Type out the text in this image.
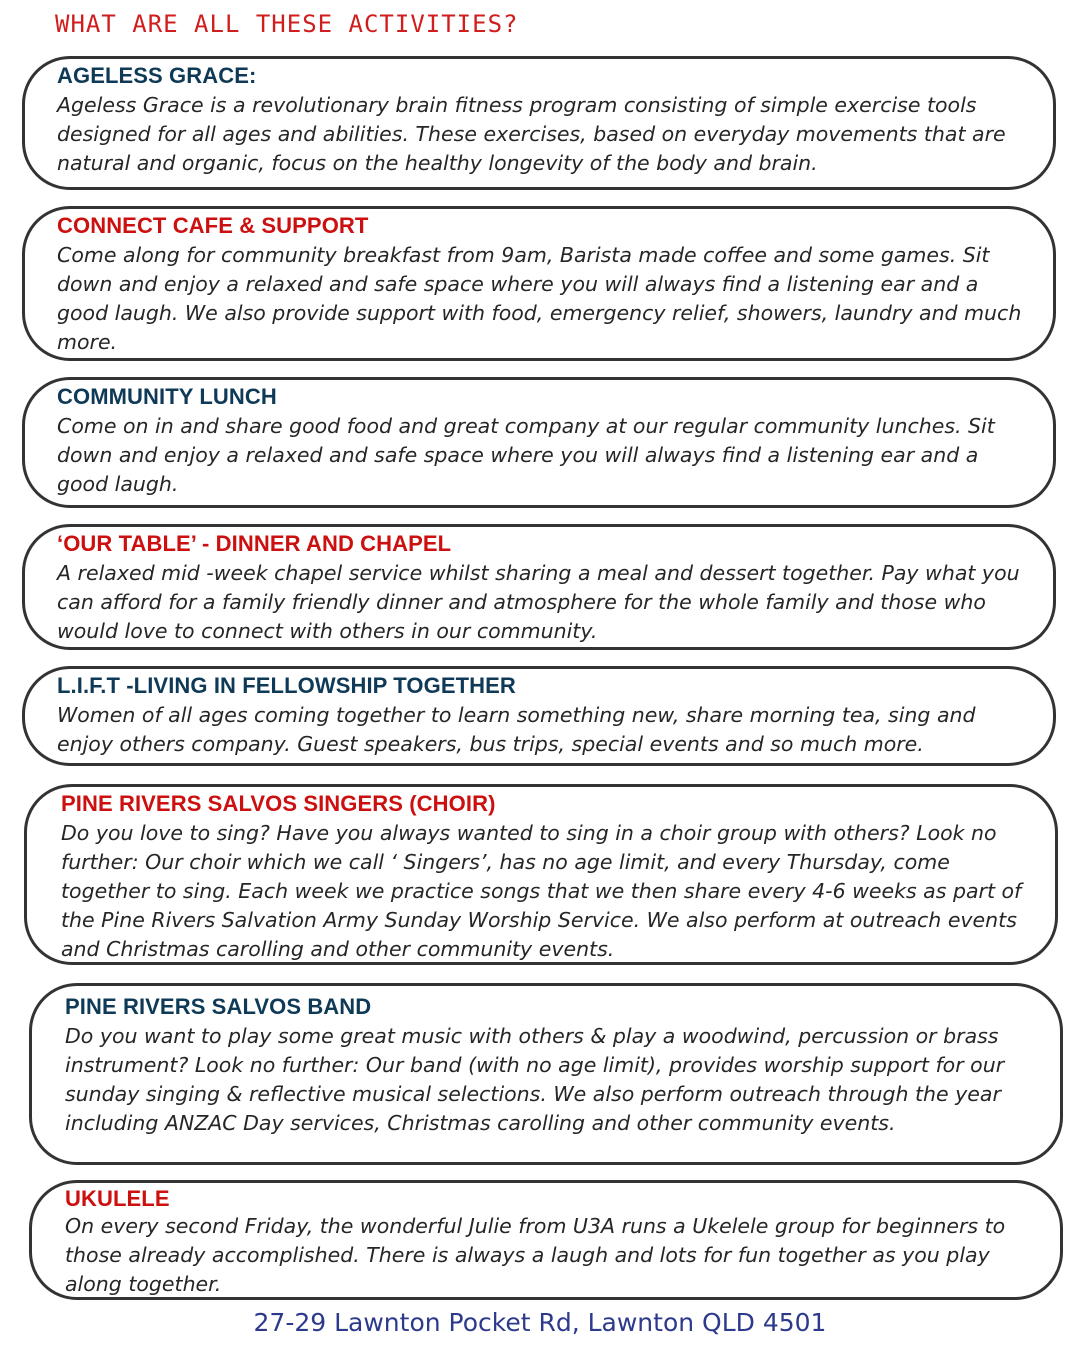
WHAT ARE ALL THESE ACTIVITIES?
AGELESS GRACE:

Ageless Grace is a revolutionary brain fitness program consisting of simple exercise tools designed for all ages and abilities. These exercises, based on everyday movements that are natural and organic, focus on the healthy longevity of the body and brain.

CONNECT CAFE & SUPPORT

Come along for community breakfast from 9am, Barista made coffee and some games. Sit down and enjoy a relaxed and safe space where you will always find a listening ear and a good laugh. We also provide support with food, emergency relief, showers, laundry and much more.

COMMUNITY LUNCH

Come on in and share good food and great company at our regular community lunches. Sit down and enjoy a relaxed and safe space where you will always find a listening ear and a good laugh.

‘OUR TABLE’ - DINNER AND CHAPEL

A relaxed mid -week chapel service whilst sharing a meal and dessert together. Pay what you can afford for a family friendly dinner and atmosphere for the whole family and those who would love to connect with others in our community.

L.I.F.T -LIVING IN FELLOWSHIP TOGETHER

Women of all ages coming together to learn something new, share morning tea, sing and enjoy others company. Guest speakers, bus trips, special events and so much more.

PINE RIVERS SALVOS SINGERS (CHOIR)

Do you love to sing? Have you always wanted to sing in a choir group with others? Look no further: Our choir which we call ‘ Singers’, has no age limit, and every Thursday, come together to sing. Each week we practice songs that we then share every 4-6 weeks as part of the Pine Rivers Salvation Army Sunday Worship Service. We also perform at outreach events and Christmas carolling and other community events.

PINE RIVERS SALVOS BAND

Do you want to play some great music with others & play a woodwind, percussion or brass instrument? Look no further: Our band (with no age limit), provides worship support for our sunday singing & reflective musical selections. We also perform outreach through the year including ANZAC Day services, Christmas carolling and other community events.

UKULELE

On every second Friday, the wonderful Julie from U3A runs a Ukelele group for beginners to those already accomplished. There is always a laugh and lots for fun together as you play along together.

27-29 Lawnton Pocket Rd, Lawnton QLD 4501
